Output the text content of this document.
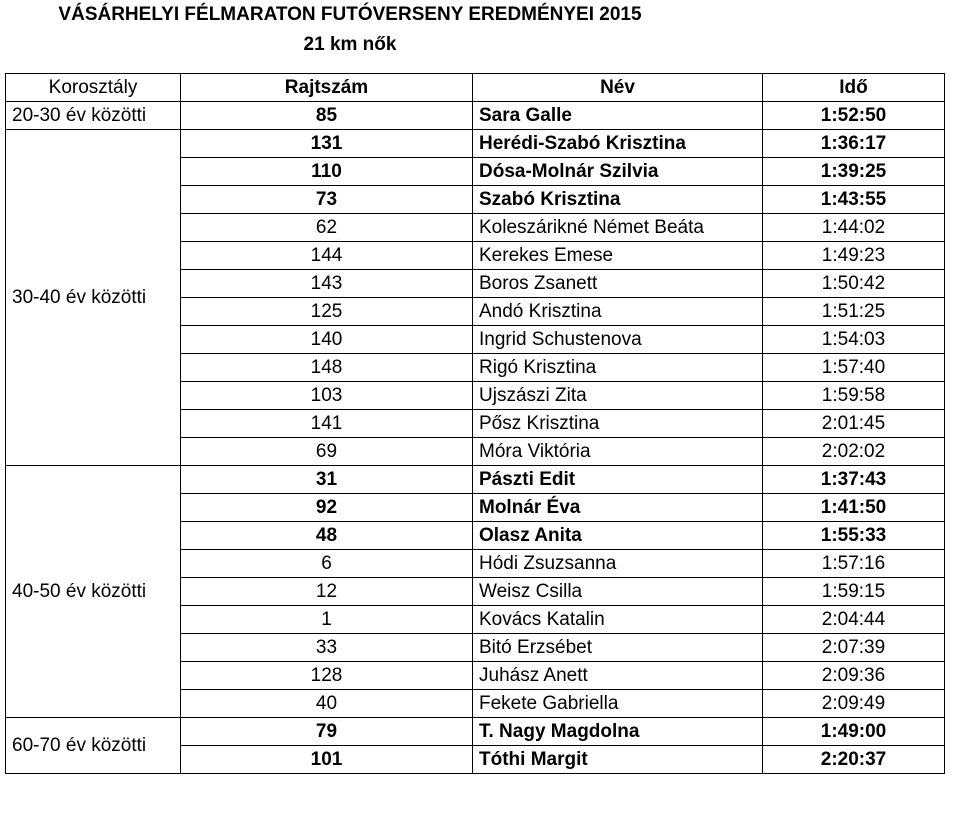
VÁSÁRHELYI FÉLMARATON FUTÓVERSENY EREDMÉNYEI 2015
21 km nők
Korosztály	Rajtszám	Név	Idő
20-30 év közötti	85	Sara Galle	1:52:50
30-40 év közötti	131	Herédi-Szabó Krisztina	1:36:17
	110	Dósa-Molnár Szilvia	1:39:25
	73	Szabó Krisztina	1:43:55
	62	Koleszárikné Német Beáta	1:44:02
	144	Kerekes Emese	1:49:23
	143	Boros Zsanett	1:50:42
	125	Andó Krisztina	1:51:25
	140	Ingrid Schustenova	1:54:03
	148	Rigó Krisztina	1:57:40
	103	Ujszászi Zita	1:59:58
	141	Pősz Krisztina	2:01:45
	69	Móra Viktória	2:02:02
40-50 év közötti	31	Pászti Edit	1:37:43
	92	Molnár Éva	1:41:50
	48	Olasz Anita	1:55:33
	6	Hódi Zsuzsanna	1:57:16
	12	Weisz Csilla	1:59:15
	1	Kovács Katalin	2:04:44
	33	Bitó Erzsébet	2:07:39
	128	Juhász Anett	2:09:36
	40	Fekete Gabriella	2:09:49
60-70 év közötti	79	T. Nagy Magdolna	1:49:00
	101	Tóthi Margit	2:20:37
